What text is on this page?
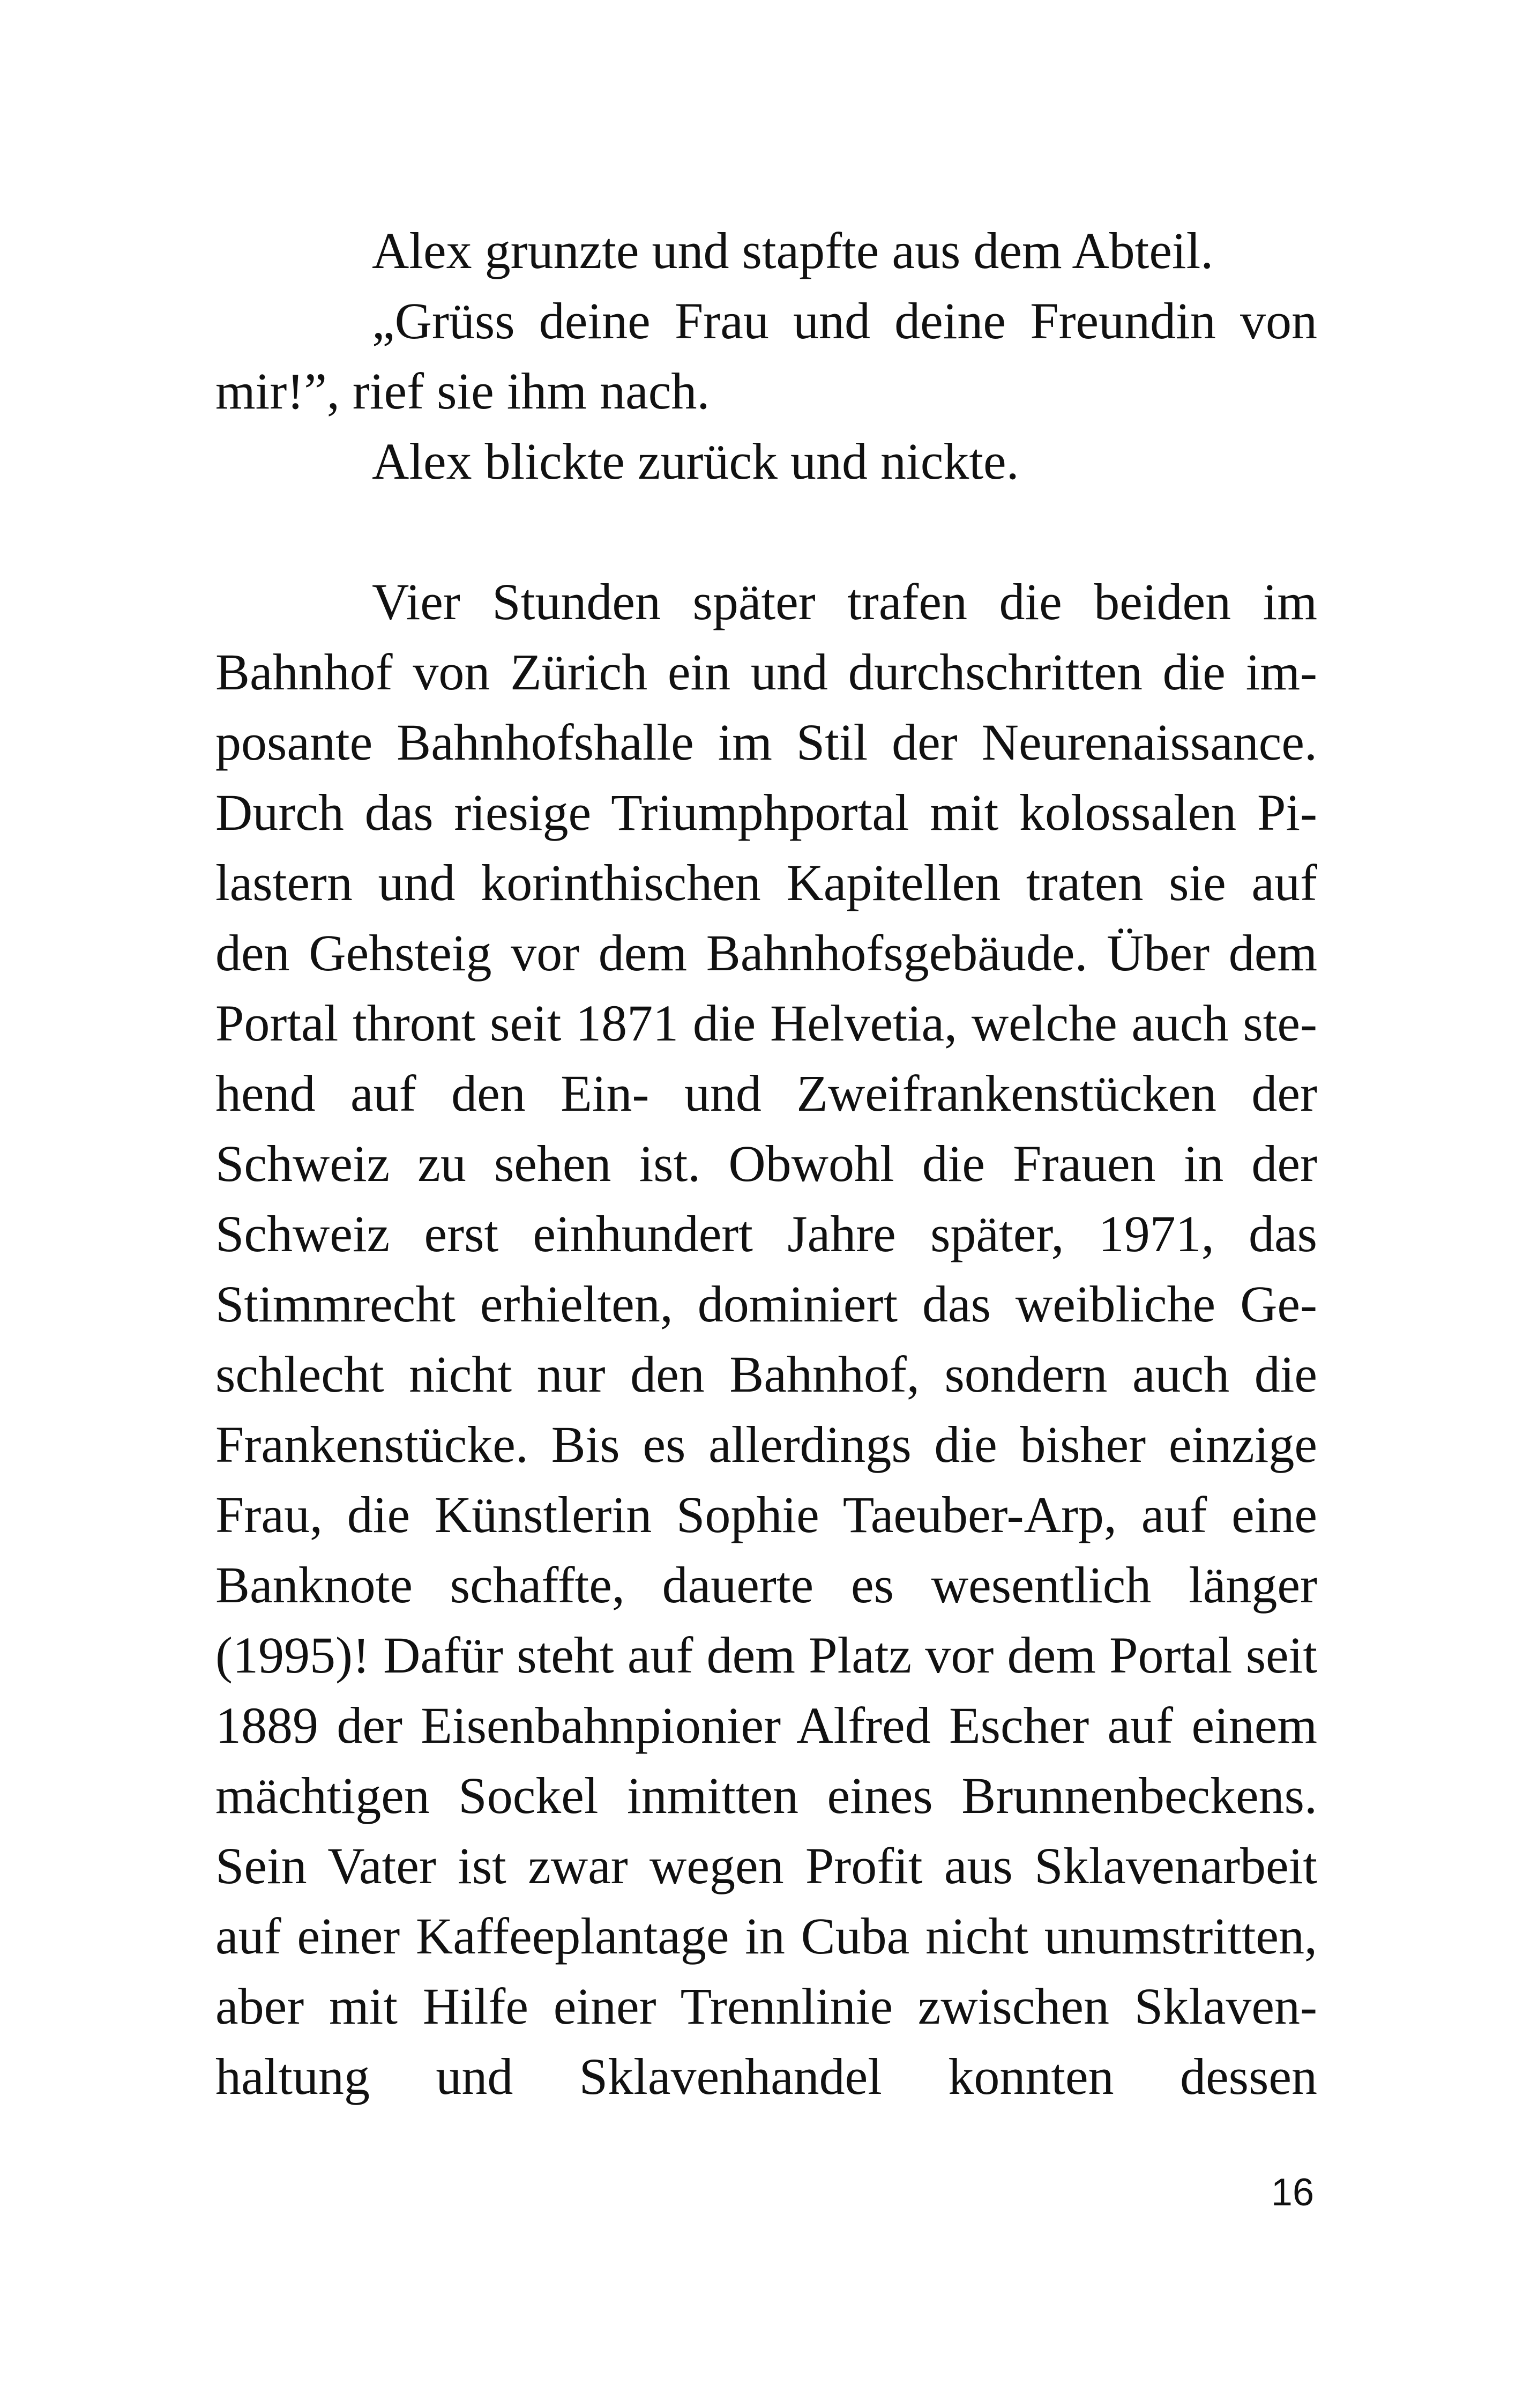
Alex grunzte und stapfte aus dem Abteil.
„Grüss deine Frau und deine Freundin von
mir!”, rief sie ihm nach.
Alex blickte zurück und nickte.
Vier Stunden später trafen die beiden im
Bahnhof von Zürich ein und durchschritten die im-
posante Bahnhofshalle im Stil der Neurenaissance.
Durch das riesige Triumphportal mit kolossalen Pi-
lastern und korinthischen Kapitellen traten sie auf
den Gehsteig vor dem Bahnhofsgebäude. Über dem
Portal thront seit 1871 die Helvetia, welche auch ste-
hend auf den Ein- und Zweifrankenstücken der
Schweiz zu sehen ist. Obwohl die Frauen in der
Schweiz erst einhundert Jahre später, 1971, das
Stimmrecht erhielten, dominiert das weibliche Ge-
schlecht nicht nur den Bahnhof, sondern auch die
Frankenstücke. Bis es allerdings die bisher einzige
Frau, die Künstlerin Sophie Taeuber-Arp, auf eine
Banknote schaffte, dauerte es wesentlich länger
(1995)! Dafür steht auf dem Platz vor dem Portal seit
1889 der Eisenbahnpionier Alfred Escher auf einem
mächtigen Sockel inmitten eines Brunnenbeckens.
Sein Vater ist zwar wegen Profit aus Sklavenarbeit
auf einer Kaffeeplantage in Cuba nicht unumstritten,
aber mit Hilfe einer Trennlinie zwischen Sklaven-
haltung und Sklavenhandel konnten dessen
16
